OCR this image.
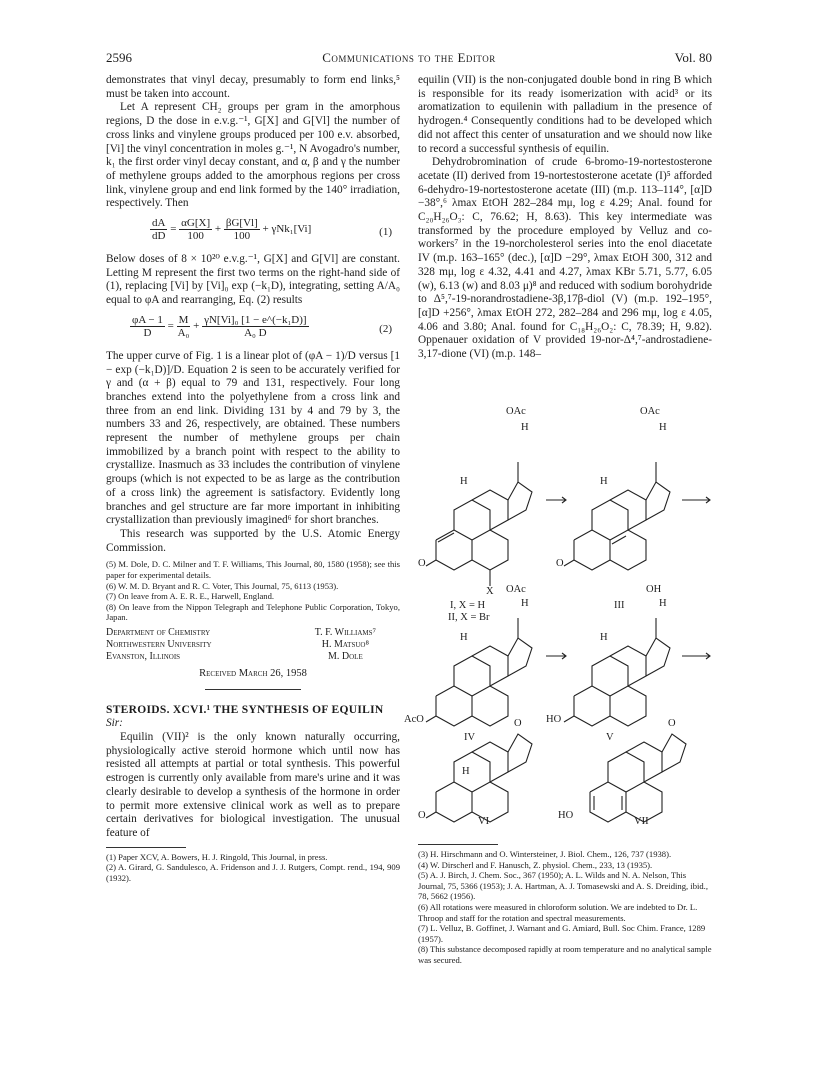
2596	Communications to the Editor	Vol. 80

demonstrates that vinyl decay, presumably to form end links,⁵ must be taken into account.

Let A represent CH₂ groups per gram in the amorphous regions, D the dose in e.v.g.⁻¹, G[X] and G[Vl] the number of cross links and vinylene groups produced per 100 e.v. absorbed, [Vi] the vinyl concentration in moles g.⁻¹, N Avogadro's number, k₁ the first order vinyl decay constant, and α, β and γ the number of methylene groups added to the amorphous regions per cross link, vinylene group and end link formed by the 140° irradiation, respectively. Then

$\frac{dA}{dD} = \frac{\alpha G[X]}{100} + \frac{\beta G[Vl]}{100} + \gamma Nk_1[Vi]$	(1)

Below doses of 8 × 10²⁰ e.v.g.⁻¹, G[X] and G[Vl] are constant. Letting M represent the first two terms on the right-hand side of (1), replacing [Vi] by [Vi]₀ exp (−k₁D), integrating, setting A/A₀ equal to φA and rearranging, Eq. (2) results

$\frac{\varphi A - 1}{D} = \frac{M}{\text{A₀}} + \frac{\text{γN[Vi]₀ [1 − e\textasciicircum{}(−k₁D)]}}{\text{A₀ D}}$	(2)

The upper curve of Fig. 1 is a linear plot of (φA − 1)/D versus [1 − exp (−k₁D)]/D. Equation 2 is seen to be accurately verified for γ and (α + β) equal to 79 and 131, respectively. Four long branches extend into the polyethylene from a cross link and three from an end link. Dividing 131 by 4 and 79 by 3, the numbers 33 and 26, respectively, are obtained. These numbers represent the number of methylene groups per chain immobilized by a branch point with respect to the ability to crystallize. Inasmuch as 33 includes the contribution of vinylene groups (which is not expected to be as large as the contribution of a cross link) the agreement is satisfactory. Evidently long branches and gel structure are far more important in inhibiting crystallization than previously imagined⁶ for short branches.

This research was supported by the U.S. Atomic Energy Commission.

(5) M. Dole, D. C. Milner and T. F. Williams, This Journal, 80, 1580 (1958); see this paper for experimental details.

(6) W. M. D. Bryant and R. C. Voter, This Journal, 75, 6113 (1953).

(7) On leave from A. E. R. E., Harwell, England.

(8) On leave from the Nippon Telegraph and Telephone Public Corporation, Tokyo, Japan.

Department of Chemistry
Northwestern University
Evanston, Illinois
T. F. Williams⁷
H. Matsuo⁸
M. Dole
Received March 26, 1958

STEROIDS. XCVI.¹ THE SYNTHESIS OF EQUILIN

Sir:

Equilin (VII)² is the only known naturally occurring, physiologically active steroid hormone which until now has resisted all attempts at partial or total synthesis. This powerful estrogen is currently only available from mare's urine and it was clearly desirable to develop a synthesis of the hormone in order to permit more extensive clinical work as well as to prepare certain derivatives for biological investigation. The unusual feature of

(1) Paper XCV, A. Bowers, H. J. Ringold, This Journal, in press.

(2) A. Girard, G. Sandulesco, A. Fridenson and J. J. Rutgers, Compt. rend., 194, 909 (1932).

equilin (VII) is the non-conjugated double bond in ring B which is responsible for its ready isomerization with acid³ or its aromatization to equilenin with palladium in the presence of hydrogen.⁴ Consequently conditions had to be developed which did not affect this center of unsaturation and we should now like to record a successful synthesis of equilin.

Dehydrobromination of crude 6-bromo-19-nortestosterone acetate (II) derived from 19-nortestosterone acetate (I)⁵ afforded 6-dehydro-19-nortestosterone acetate (III) (m.p. 113–114°, [α]D −38°,⁶ λmax EtOH 282–284 mμ, log ε 4.29; Anal. found for C₂₀H₂₆O₃: C, 76.62; H, 8.63). This key intermediate was transformed by the procedure employed by Velluz and co-workers⁷ in the 19-norcholesterol series into the enol diacetate IV (m.p. 163–165° (dec.), [α]D −29°, λmax EtOH 300, 312 and 328 mμ, log ε 4.32, 4.41 and 4.27, λmax KBr 5.71, 5.77, 6.05 (w), 6.13 (w) and 8.03 μ)⁸ and reduced with sodium borohydride to Δ⁵,⁷-19-norandrostadiene-3β,17β-diol (V) (m.p. 192–195°, [α]D +256°, λmax EtOH 272, 282–284 and 296 mμ, log ε 4.05, 4.06 and 3.80; Anal. found for C₁₈H₂₆O₂: C, 78.39; H, 9.82). Oppenauer oxidation of V provided 19-nor-Δ⁴,⁷-androstadiene-3,17-dione (VI) (m.p. 148–

OAc	OAc
H	H
H	H
O	O
X
I, X = H
II, X = Br
III
OAc	OH
H	H
H	H
AcO	HO
IV	V
O	O
H
O	HO
VI	VII

(3) H. Hirschmann and O. Wintersteiner, J. Biol. Chem., 126, 737 (1938).

(4) W. Dirscherl and F. Hanusch, Z. physiol. Chem., 233, 13 (1935).

(5) A. J. Birch, J. Chem. Soc., 367 (1950); A. L. Wilds and N. A. Nelson, This Journal, 75, 5366 (1953); J. A. Hartman, A. J. Tomasewski and A. S. Dreiding, ibid., 78, 5662 (1956).

(6) All rotations were measured in chloroform solution. We are indebted to Dr. L. Throop and staff for the rotation and spectral measurements.

(7) L. Velluz, B. Goffinet, J. Warnant and G. Amiard, Bull. Soc Chim. France, 1289 (1957).

(8) This substance decomposed rapidly at room temperature and no analytical sample was secured.
